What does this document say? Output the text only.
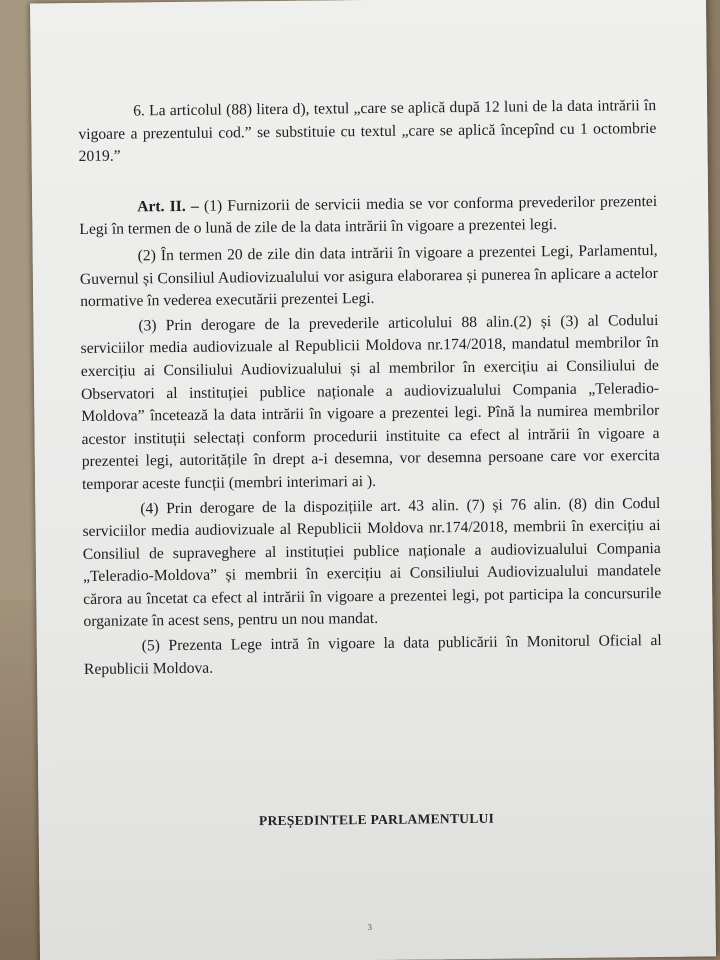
6. La articolul (88) litera d), textul „care se aplică după 12 luni de la data intrării în vigoare a prezentului cod.” se substituie cu textul „care se aplică începînd cu 1 octombrie 2019.”

Art. II. – (1) Furnizorii de servicii media se vor conforma prevederilor prezentei Legi în termen de o lună de zile de la data intrării în vigoare a prezentei legi.

(2) În termen 20 de zile din data intrării în vigoare a prezentei Legi, Parlamentul, Guvernul și Consiliul Audiovizualului vor asigura elaborarea și punerea în aplicare a actelor normative în vederea executării prezentei Legi.

(3) Prin derogare de la prevederile articolului 88 alin.(2) și (3) al Codului serviciilor media audiovizuale al Republicii Moldova nr.174/2018, mandatul membrilor în exercițiu ai Consiliului Audiovizualului și al membrilor în exercițiu ai Consiliului de Observatori al instituției publice naționale a audiovizualului Compania „Teleradio-Moldova” încetează la data intrării în vigoare a prezentei legi. Pînă la numirea membrilor acestor instituții selectați conform procedurii instituite ca efect al intrării în vigoare a prezentei legi, autoritățile în drept a-i desemna, vor desemna persoane care vor exercita temporar aceste funcții (membri interimari ai ).

(4) Prin derogare de la dispozițiile art. 43 alin. (7) și 76 alin. (8) din Codul serviciilor media audiovizuale al Republicii Moldova nr.174/2018, membrii în exercițiu ai Consiliul de supraveghere al instituției publice naționale a audiovizualului Compania „Teleradio-Moldova” și membrii în exercițiu ai Consiliului Audiovizualului mandatele cărora au încetat ca efect al intrării în vigoare a prezentei legi, pot participa la concursurile organizate în acest sens, pentru un nou mandat.

(5) Prezenta Lege intră în vigoare la data publicării în Monitorul Oficial al Republicii Moldova.

PREȘEDINTELE PARLAMENTULUI
3
